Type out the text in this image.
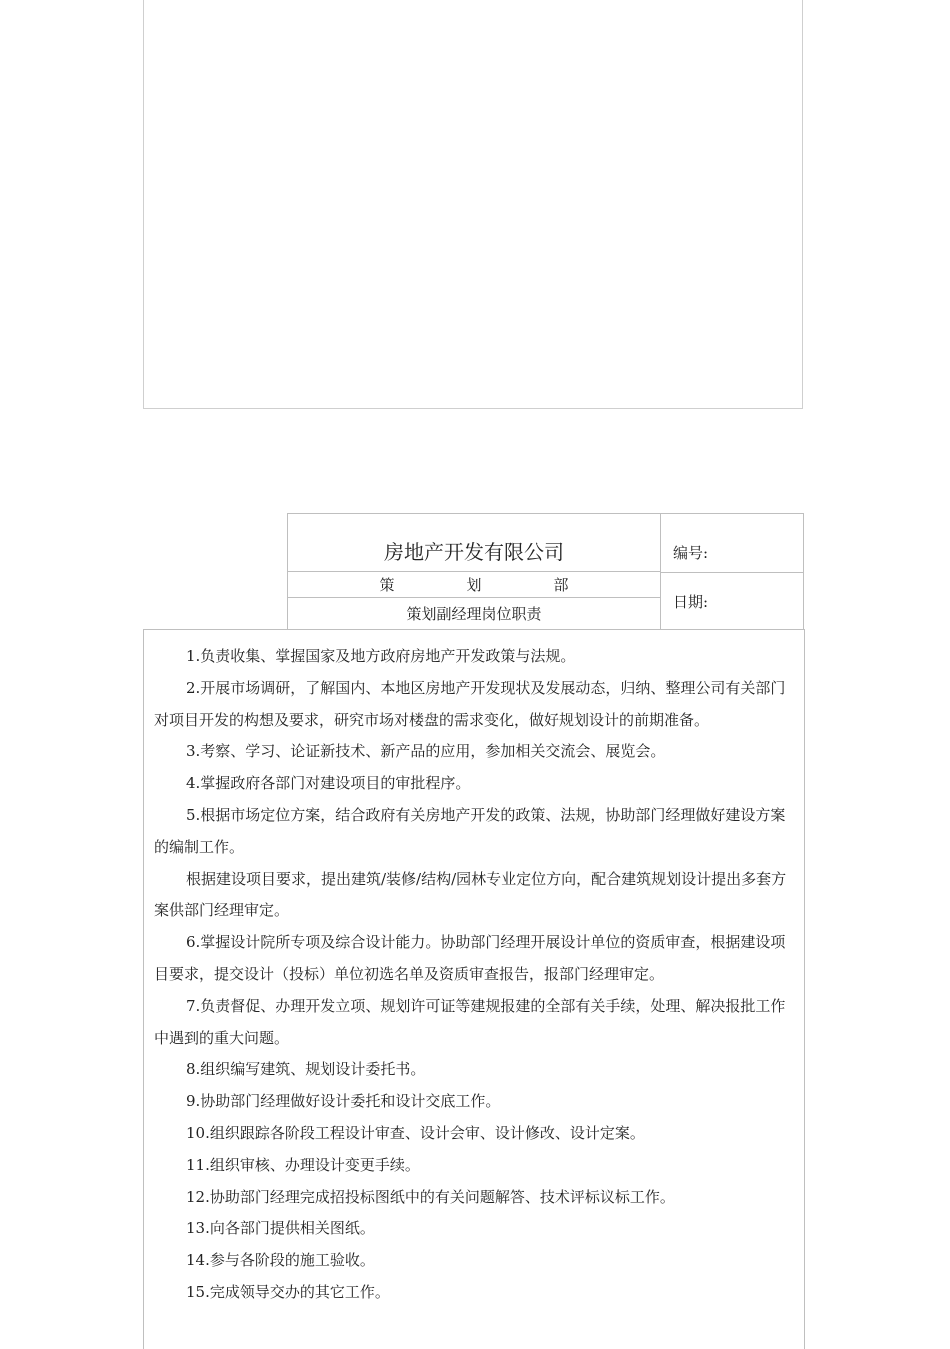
房地产开发有限公司	编号:
策划部
策划副经理岗位职责
日期:

1.负责收集、掌握国家及地方政府房地产开发政策与法规。

2.开展市场调研，了解国内、本地区房地产开发现状及发展动态，归纳、整理公司有关部门对项目开发的构想及要求，研究市场对楼盘的需求变化，做好规划设计的前期准备。

3.考察、学习、论证新技术、新产品的应用，参加相关交流会、展览会。

4.掌握政府各部门对建设项目的审批程序。

5.根据市场定位方案，结合政府有关房地产开发的政策、法规，协助部门经理做好建设方案的编制工作。

根据建设项目要求，提出建筑/装修/结构/园林专业定位方向，配合建筑规划设计提出多套方案供部门经理审定。

6.掌握设计院所专项及综合设计能力。协助部门经理开展设计单位的资质审查，根据建设项目要求，提交设计（投标）单位初选名单及资质审查报告，报部门经理审定。

7.负责督促、办理开发立项、规划许可证等建规报建的全部有关手续，处理、解决报批工作中遇到的重大问题。

8.组织编写建筑、规划设计委托书。

9.协助部门经理做好设计委托和设计交底工作。

10.组织跟踪各阶段工程设计审查、设计会审、设计修改、设计定案。

11.组织审核、办理设计变更手续。

12.协助部门经理完成招投标图纸中的有关问题解答、技术评标议标工作。

13.向各部门提供相关图纸。

14.参与各阶段的施工验收。

15.完成领导交办的其它工作。
